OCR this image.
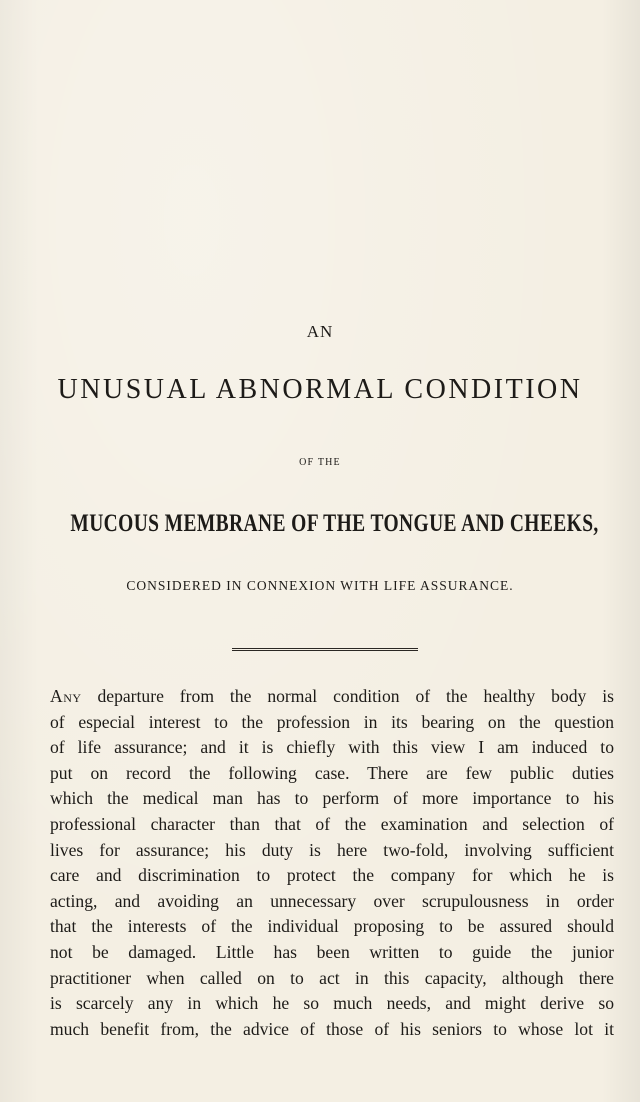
AN
UNUSUAL ABNORMAL CONDITION
OF THE
MUCOUS MEMBRANE OF THE TONGUE AND CHEEKS,
CONSIDERED IN CONNEXION WITH LIFE ASSURANCE.
Any departure from the normal condition of the healthy body is
of especial interest to the profession in its bearing on the question
of life assurance; and it is chiefly with this view I am induced to
put on record the following case. There are few public duties
which the medical man has to perform of more importance to his
professional character than that of the examination and selection of
lives for assurance; his duty is here two-fold, involving sufficient
care and discrimination to protect the company for which he is
acting, and avoiding an unnecessary over scrupulousness in order
that the interests of the individual proposing to be assured should
not be damaged. Little has been written to guide the junior
practitioner when called on to act in this capacity, although there
is scarcely any in which he so much needs, and might derive so
much benefit from, the advice of those of his seniors to whose lot it
